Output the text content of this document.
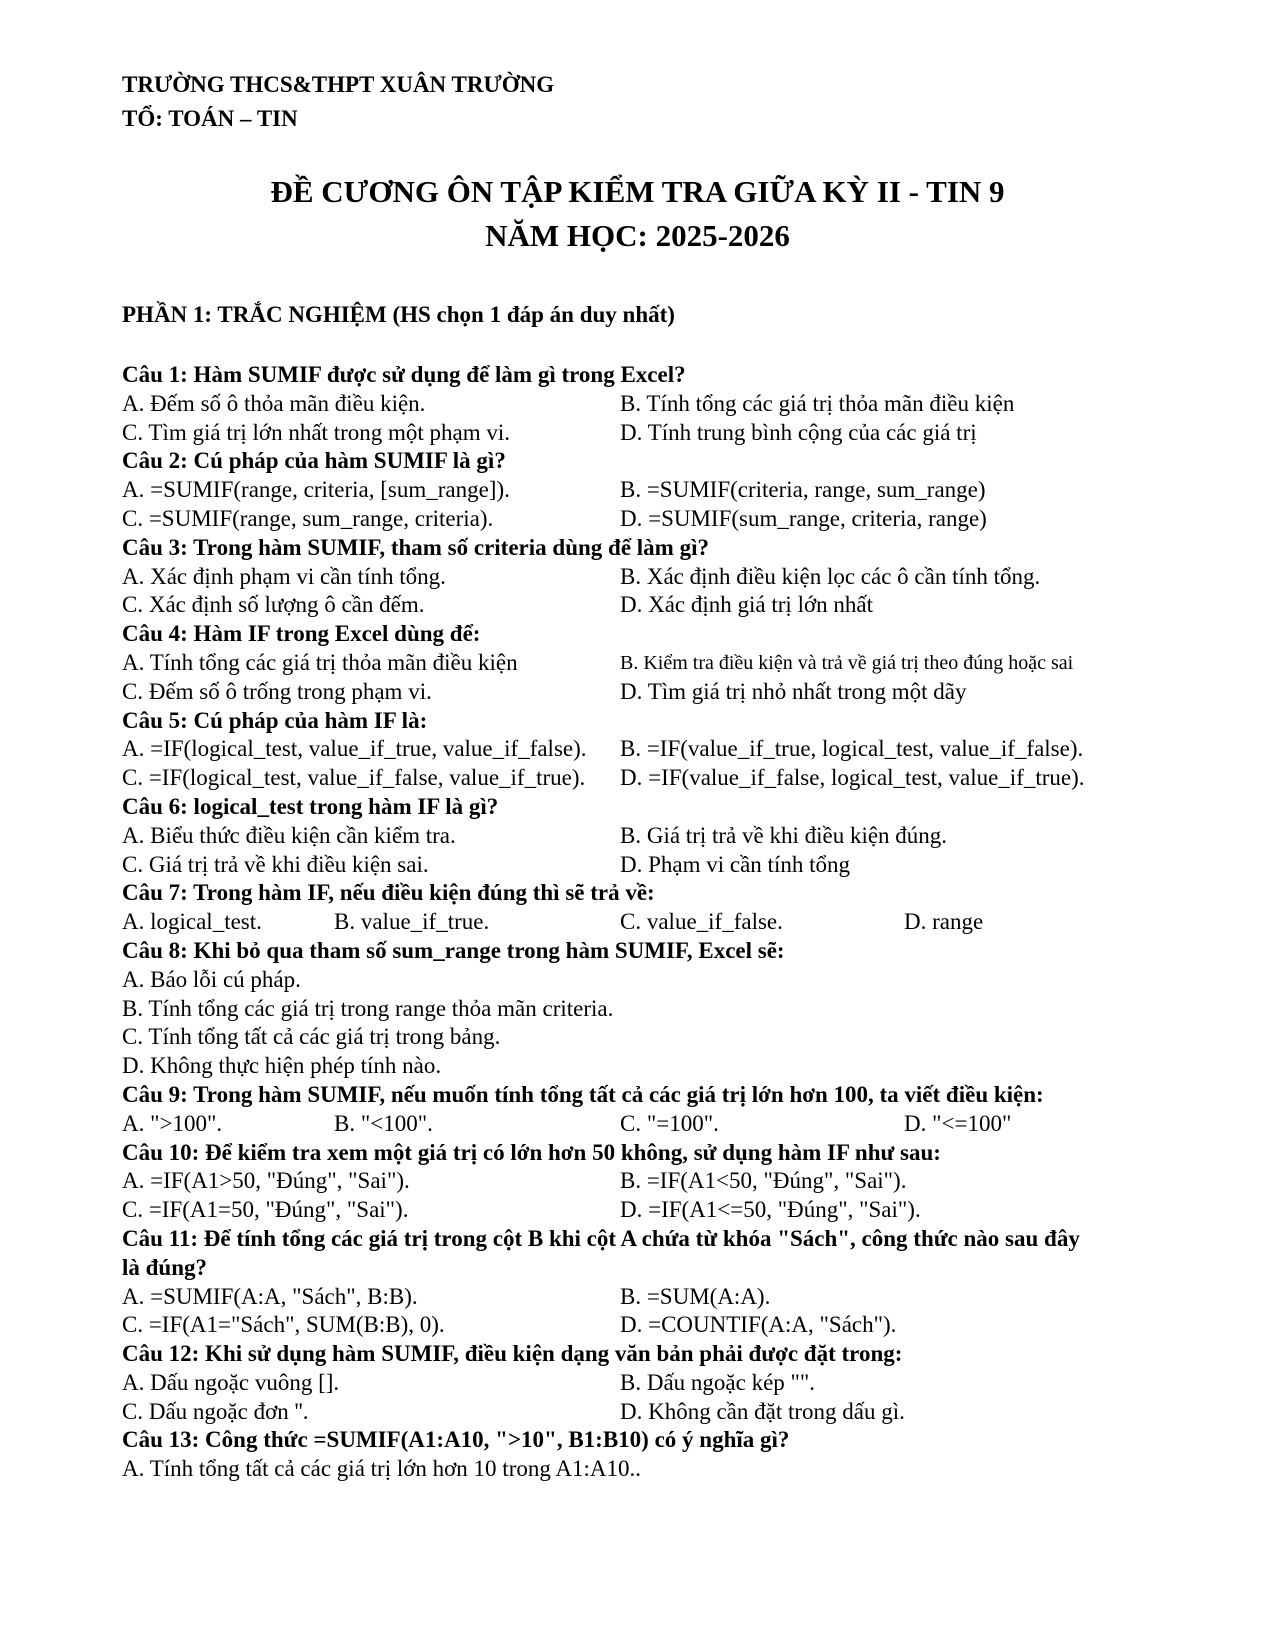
TRƯỜNG THCS&THPT XUÂN TRƯỜNG
TỔ: TOÁN – TIN
ĐỀ CƯƠNG ÔN TẬP KIỂM TRA GIỮA KỲ II - TIN 9
NĂM HỌC: 2025-2026
PHẦN 1: TRẮC NGHIỆM (HS chọn 1 đáp án duy nhất)
Câu 1: Hàm SUMIF được sử dụng để làm gì trong Excel?
A. Đếm số ô thỏa mãn điều kiện.	B. Tính tổng các giá trị thỏa mãn điều kiện
C. Tìm giá trị lớn nhất trong một phạm vi.	D. Tính trung bình cộng của các giá trị
Câu 2: Cú pháp của hàm SUMIF là gì?
A. =SUMIF(range, criteria, [sum_range]).	B. =SUMIF(criteria, range, sum_range)
C. =SUMIF(range, sum_range, criteria).	D. =SUMIF(sum_range, criteria, range)
Câu 3: Trong hàm SUMIF, tham số criteria dùng để làm gì?
A. Xác định phạm vi cần tính tổng.	B. Xác định điều kiện lọc các ô cần tính tổng.
C. Xác định số lượng ô cần đếm.	D. Xác định giá trị lớn nhất
Câu 4: Hàm IF trong Excel dùng để:
A. Tính tổng các giá trị thỏa mãn điều kiện	B. Kiểm tra điều kiện và trả về giá trị theo đúng hoặc sai
C. Đếm số ô trống trong phạm vi.	D. Tìm giá trị nhỏ nhất trong một dãy
Câu 5: Cú pháp của hàm IF là:
A. =IF(logical_test, value_if_true, value_if_false). B. =IF(value_if_true, logical_test, value_if_false).
C. =IF(logical_test, value_if_false, value_if_true). D. =IF(value_if_false, logical_test, value_if_true).
Câu 6: logical_test trong hàm IF là gì?
A. Biểu thức điều kiện cần kiểm tra.	B. Giá trị trả về khi điều kiện đúng.
C. Giá trị trả về khi điều kiện sai.	D. Phạm vi cần tính tổng
Câu 7: Trong hàm IF, nếu điều kiện đúng thì sẽ trả về:
A. logical_test.	B. value_if_true.	C. value_if_false.	D. range
Câu 8: Khi bỏ qua tham số sum_range trong hàm SUMIF, Excel sẽ:
A. Báo lỗi cú pháp.
B. Tính tổng các giá trị trong range thỏa mãn criteria.
C. Tính tổng tất cả các giá trị trong bảng.
D. Không thực hiện phép tính nào.
Câu 9: Trong hàm SUMIF, nếu muốn tính tổng tất cả các giá trị lớn hơn 100, ta viết điều kiện:
A. ">100".	B. "<100".	C. "=100".	D. "<=100"
Câu 10: Để kiểm tra xem một giá trị có lớn hơn 50 không, sử dụng hàm IF như sau:
A. =IF(A1>50, "Đúng", "Sai").	B. =IF(A1<50, "Đúng", "Sai").
C. =IF(A1=50, "Đúng", "Sai").	D. =IF(A1<=50, "Đúng", "Sai").
Câu 11: Để tính tổng các giá trị trong cột B khi cột A chứa từ khóa "Sách", công thức nào sau đây
là đúng?
A. =SUMIF(A:A, "Sách", B:B).	B. =SUM(A:A).
C. =IF(A1="Sách", SUM(B:B), 0).	D. =COUNTIF(A:A, "Sách").
Câu 12: Khi sử dụng hàm SUMIF, điều kiện dạng văn bản phải được đặt trong:
A. Dấu ngoặc vuông [].	B. Dấu ngoặc kép "".
C. Dấu ngoặc đơn ''.	D. Không cần đặt trong dấu gì.
Câu 13: Công thức =SUMIF(A1:A10, ">10", B1:B10) có ý nghĩa gì?
A. Tính tổng tất cả các giá trị lớn hơn 10 trong A1:A10..
